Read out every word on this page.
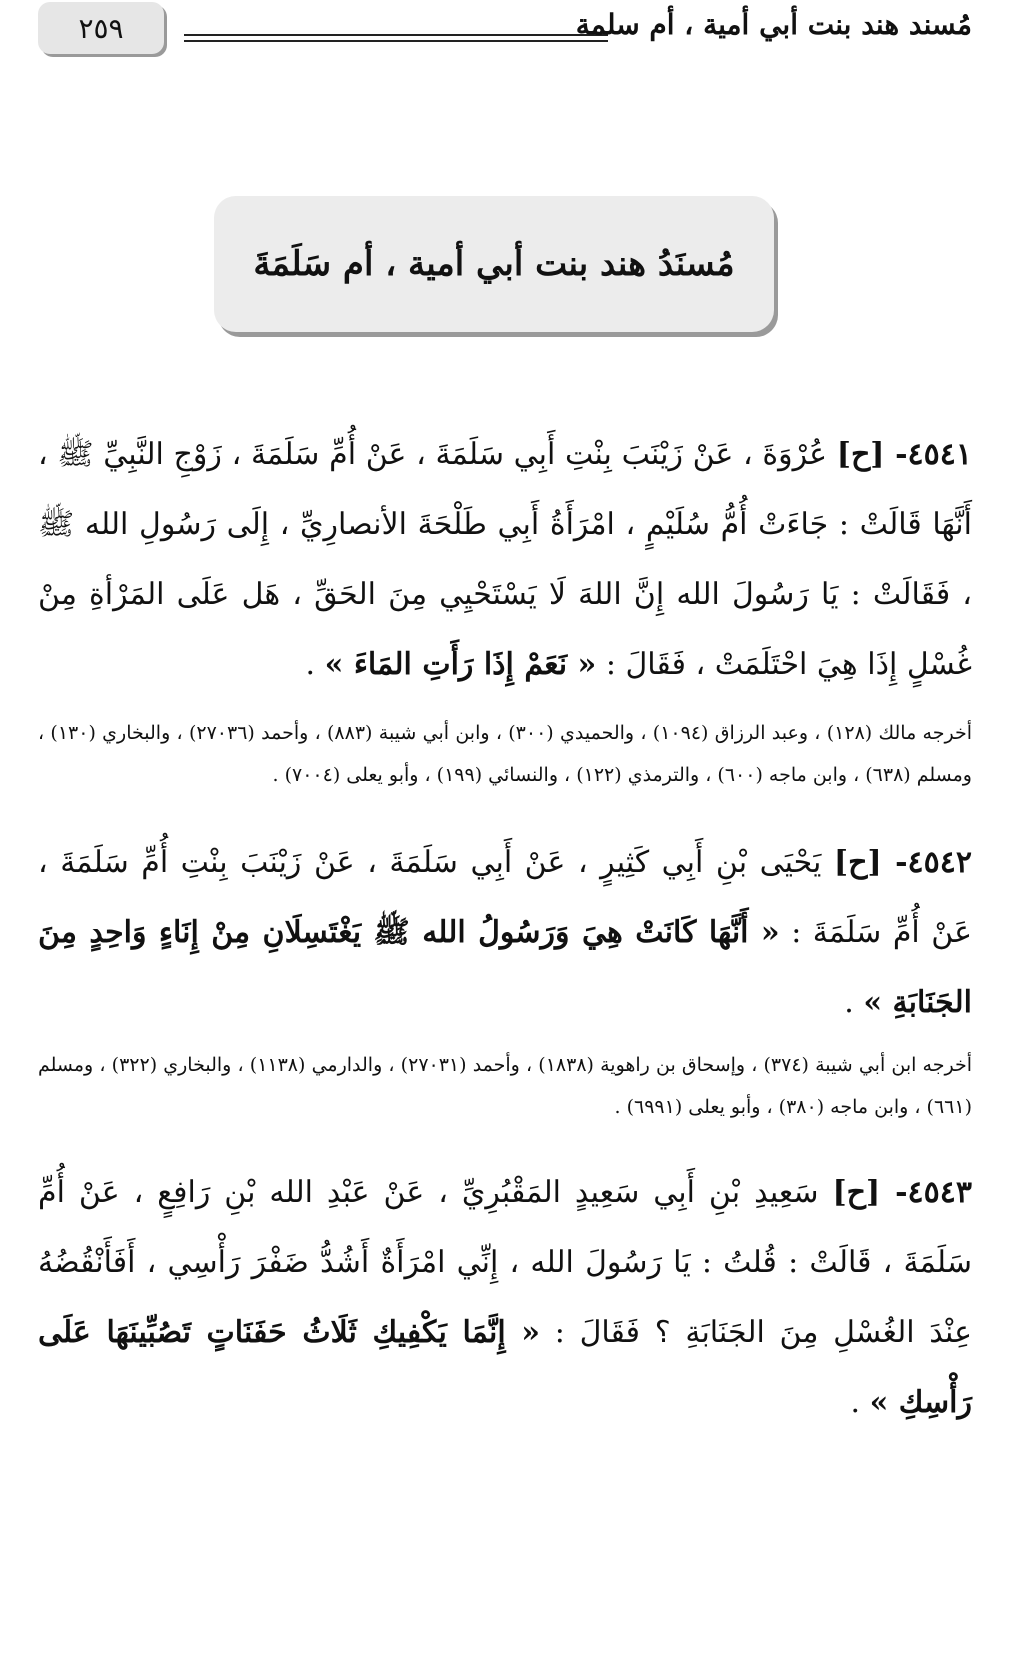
٢٥٩	مُسند هند بنت أبي أمية ، أم سلمة
مُسنَدُ هند بنت أبي أمية ، أم سَلَمَةَ

٤٥٤١- [ح] عُرْوَةَ ، عَنْ زَيْنَبَ بِنْتِ أَبِي سَلَمَةَ ، عَنْ أُمِّ سَلَمَةَ ، زَوْجِ النَّبِيِّ ﷺ ، أَنَّهَا قَالَتْ : جَاءَتْ أُمُّ سُلَيْمٍ ، امْرَأَةُ أَبِي طَلْحَةَ الأنصارِيِّ ، إِلَى رَسُولِ الله ﷺ ، فَقَالَتْ : يَا رَسُولَ الله إِنَّ اللهَ لَا يَسْتَحْيِي مِنَ الحَقِّ ، هَل عَلَى المَرْأةِ مِنْ غُسْلٍ إِذَا هِيَ احْتَلَمَتْ ، فَقَالَ : « نَعَمْ إِذَا رَأَتِ المَاءَ » .

أخرجه مالك (١٢٨) ، وعبد الرزاق (١٠٩٤) ، والحميدي (٣٠٠) ، وابن أبي شيبة (٨٨٣) ، وأحمد (٢٧٠٣٦) ، والبخاري (١٣٠) ، ومسلم (٦٣٨) ، وابن ماجه (٦٠٠) ، والترمذي (١٢٢) ، والنسائي (١٩٩) ، وأبو يعلى (٧٠٠٤) .

٤٥٤٢- [ح] يَحْيَى بْنِ أَبِي كَثِيرٍ ، عَنْ أَبِي سَلَمَةَ ، عَنْ زَيْنَبَ بِنْتِ أُمِّ سَلَمَةَ ، عَنْ أُمِّ سَلَمَةَ : « أَنَّهَا كَانَتْ هِيَ وَرَسُولُ الله ﷺ يَغْتَسِلَانِ مِنْ إِنَاءٍ وَاحِدٍ مِنَ الجَنَابَةِ » .

أخرجه ابن أبي شيبة (٣٧٤) ، وإسحاق بن راهوية (١٨٣٨) ، وأحمد (٢٧٠٣١) ، والدارمي (١١٣٨) ، والبخاري (٣٢٢) ، ومسلم (٦٦١) ، وابن ماجه (٣٨٠) ، وأبو يعلى (٦٩٩١) .

٤٥٤٣- [ح] سَعِيدِ بْنِ أَبِي سَعِيدٍ المَقْبُرِيِّ ، عَنْ عَبْدِ الله بْنِ رَافِعٍ ، عَنْ أُمِّ سَلَمَةَ ، قَالَتْ : قُلتُ : يَا رَسُولَ الله ، إِنِّي امْرَأَةٌ أَشُدُّ ضَفْرَ رَأْسِي ، أَفَأَنْقُضُهُ عِنْدَ الغُسْلِ مِنَ الجَنَابَةِ ؟ فَقَالَ : « إِنَّمَا يَكْفِيكِ ثَلَاثُ حَفَنَاتٍ تَصُبِّينَهَا عَلَى رَأْسِكِ » .
